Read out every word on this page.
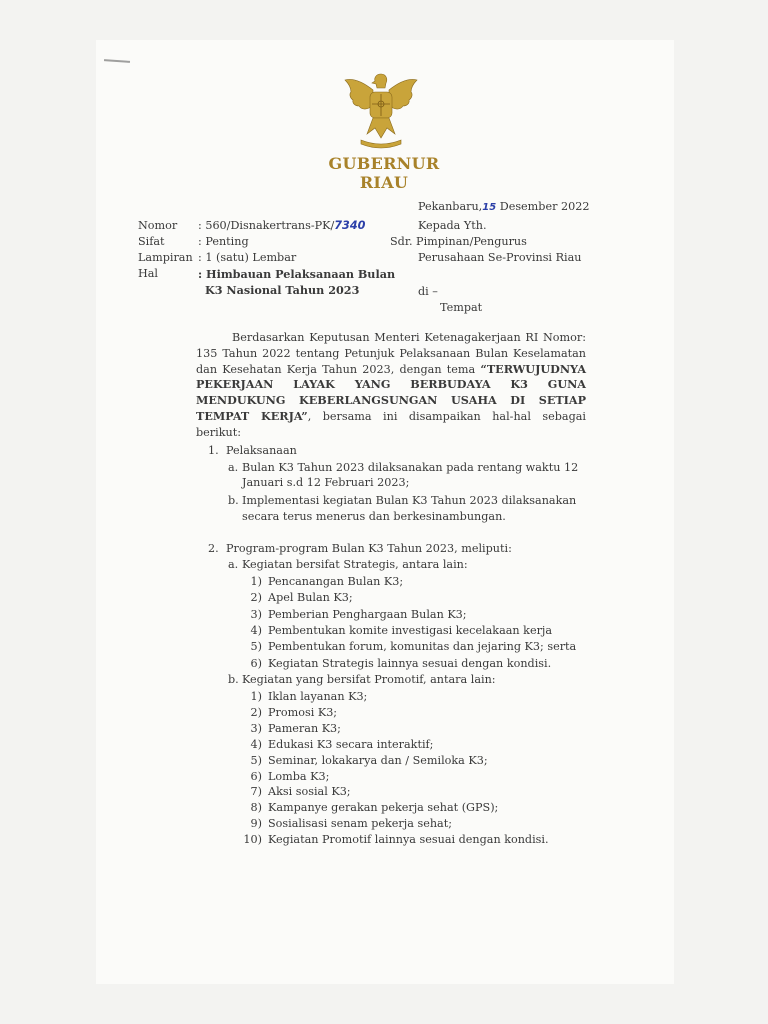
GUBERNUR RIAU
Pekanbaru,15 Desember 2022
Nomor : 560/Disnakertrans-PK/7340
Sifat	: Penting
Lampiran : 1 (satu) Lembar
Hal	: Himbauan Pelaksanaan Bulan
K3 Nasional Tahun 2023
Kepada Yth.
Sdr. Pimpinan/Pengurus
Perusahaan Se-Provinsi Riau
di –
Tempat
Berdasarkan Keputusan Menteri Ketenagakerjaan RI Nomor: 135 Tahun 2022 tentang Petunjuk Pelaksanaan Bulan Keselamatan dan Kesehatan Kerja Tahun 2023, dengan tema “TERWUJUDNYA PEKERJAAN LAYAK YANG BERBUDAYA K3 GUNA MENDUKUNG KEBERLANGSUNGAN USAHA DI SETIAP TEMPAT KERJA”, bersama ini disampaikan hal-hal sebagai berikut:
1. Pelaksanaan
a. Bulan K3 Tahun 2023 dilaksanakan pada rentang waktu 12
Januari s.d 12 Februari 2023;
b. Implementasi kegiatan Bulan K3 Tahun 2023 dilaksanakan
secara terus menerus dan berkesinambungan.
2. Program-program Bulan K3 Tahun 2023, meliputi:
a. Kegiatan bersifat Strategis, antara lain:
1) Pencanangan Bulan K3;
2) Apel Bulan K3;
3) Pemberian Penghargaan Bulan K3;
4) Pembentukan komite investigasi kecelakaan kerja
5) Pembentukan forum, komunitas dan jejaring K3; serta
6) Kegiatan Strategis lainnya sesuai dengan kondisi.
b. Kegiatan yang bersifat Promotif, antara lain:
1) Iklan layanan K3;
2) Promosi K3;
3) Pameran K3;
4) Edukasi K3 secara interaktif;
5) Seminar, lokakarya dan / Semiloka K3;
6) Lomba K3;
7) Aksi sosial K3;
8) Kampanye gerakan pekerja sehat (GPS);
9) Sosialisasi senam pekerja sehat;
10) Kegiatan Promotif lainnya sesuai dengan kondisi.
